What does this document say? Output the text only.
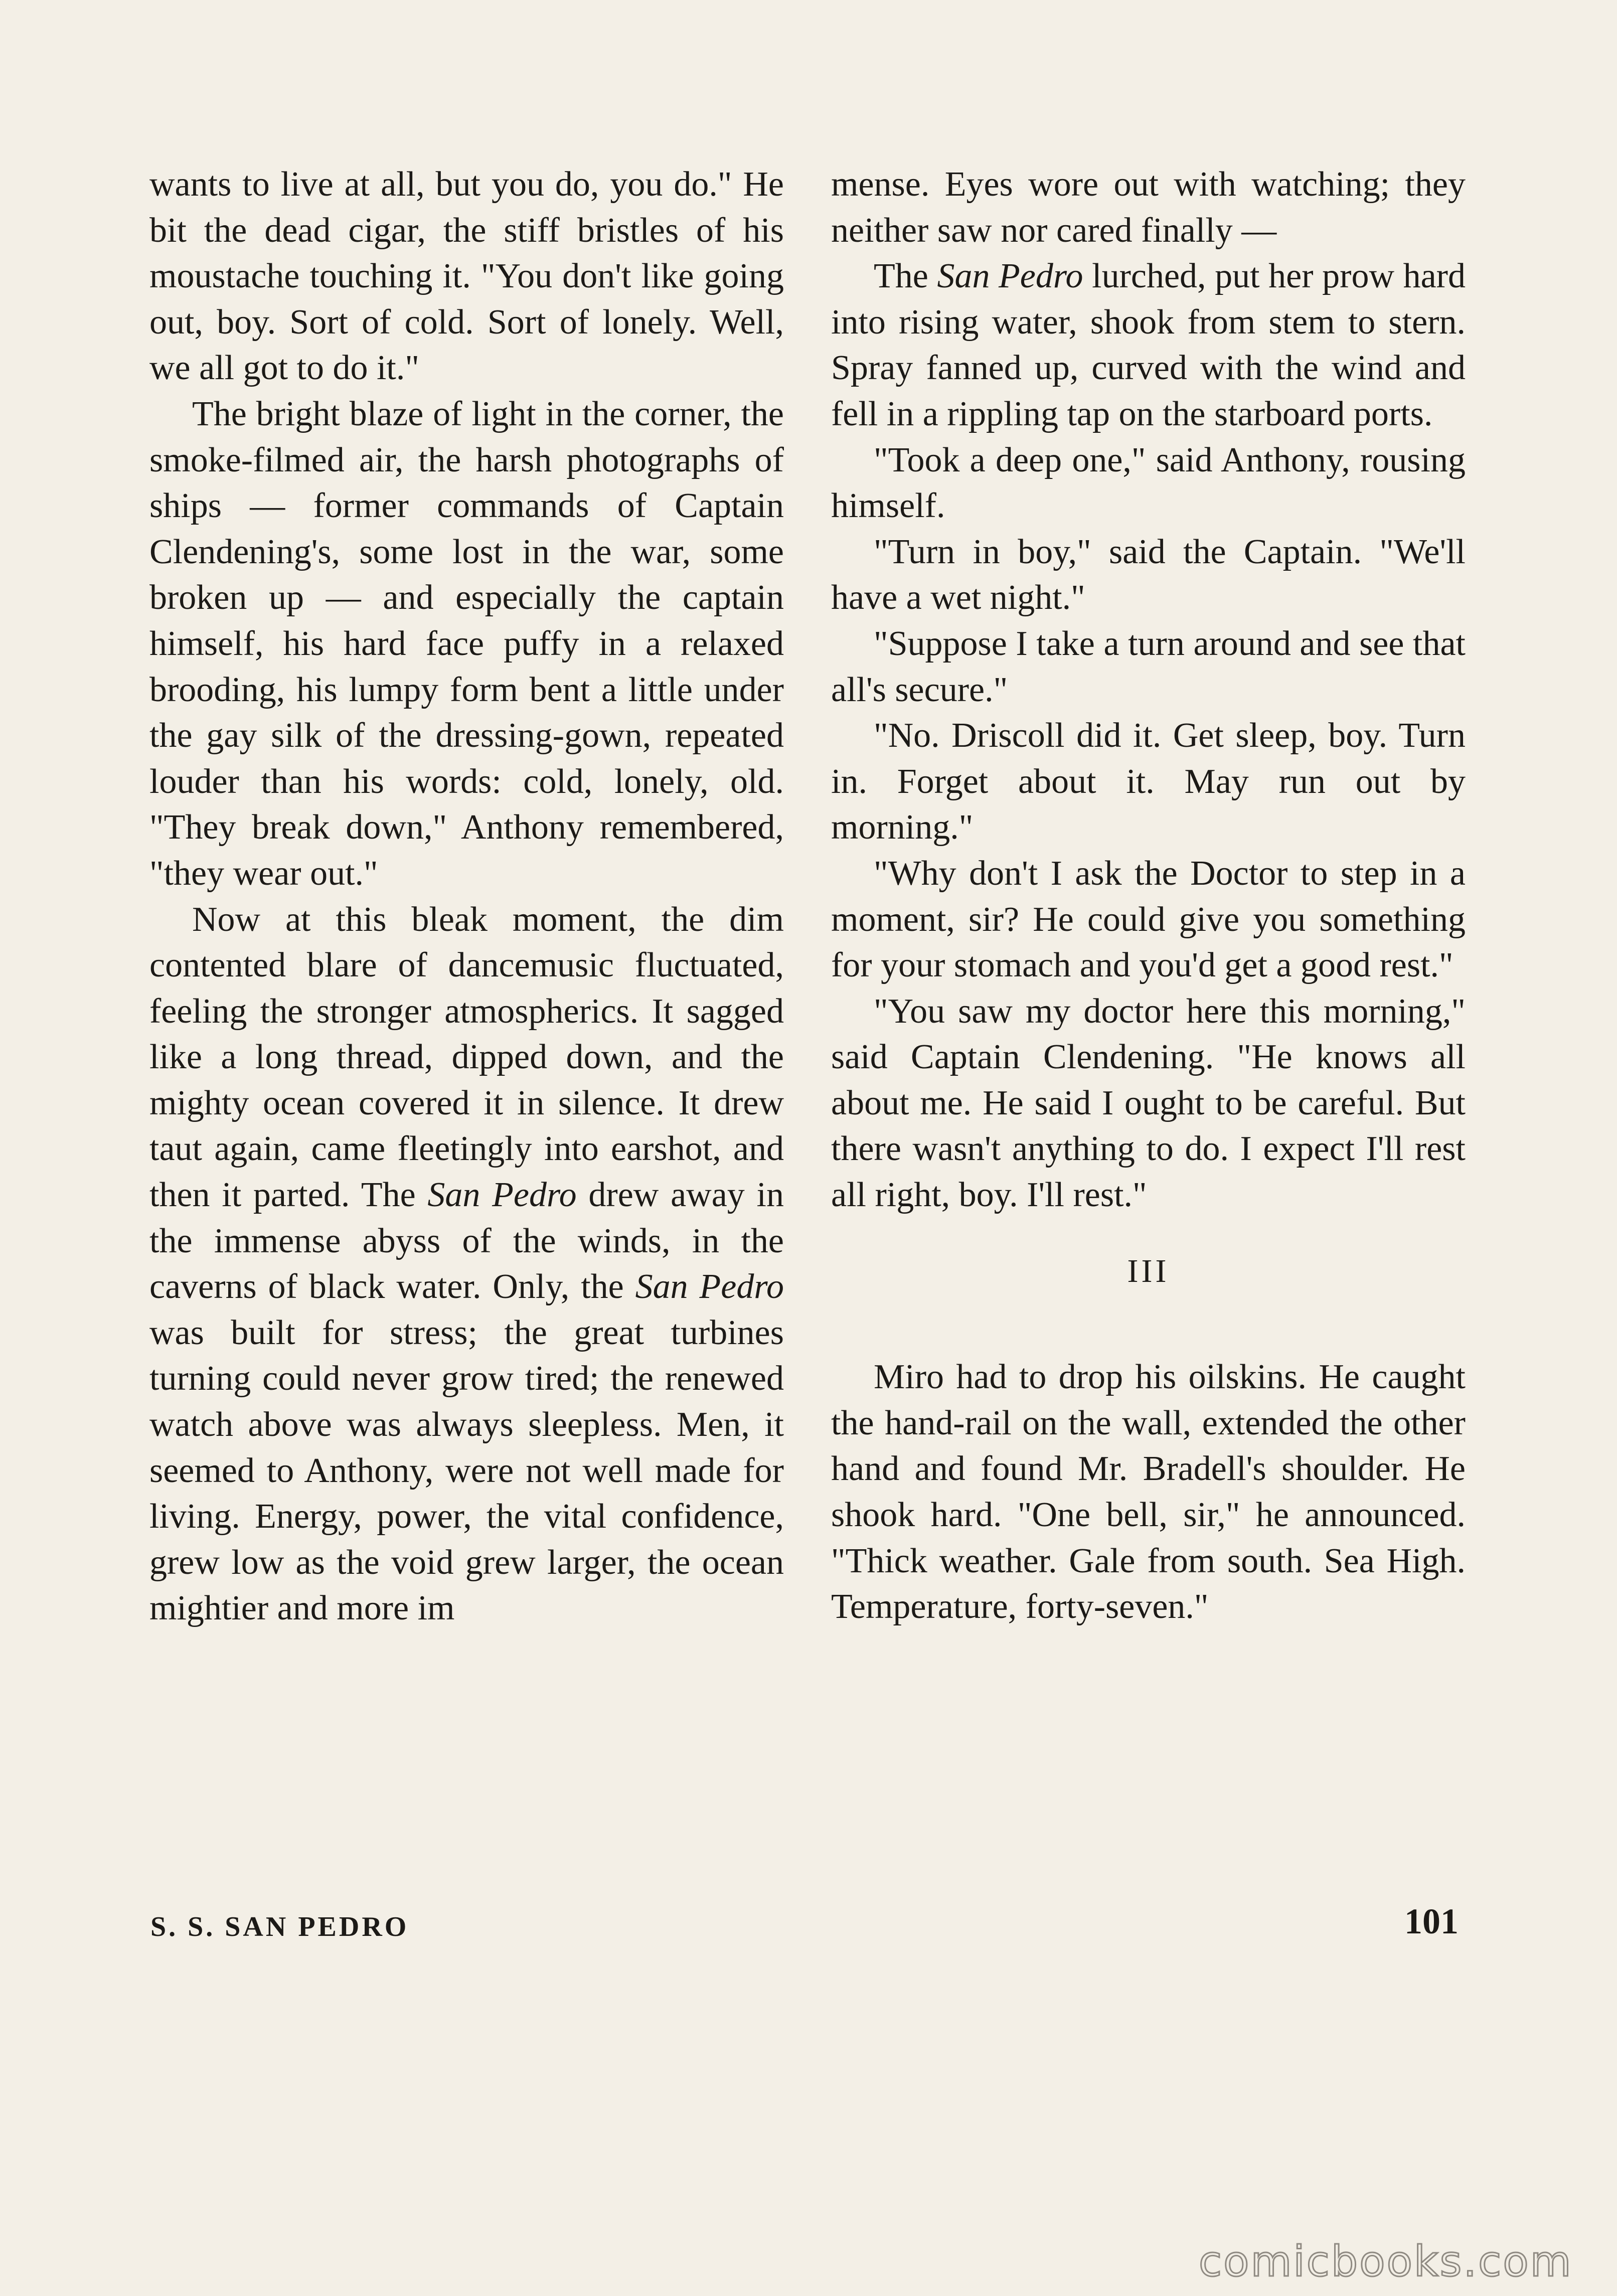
wants to live at all, but you do, you do." He bit the dead cigar, the stiff bristles of his moustache touching it. "You don't like going out, boy. Sort of cold. Sort of lonely. Well, we all got to do it."

The bright blaze of light in the corner, the smoke-filmed air, the harsh photographs of ships — former commands of Captain Clendening's, some lost in the war, some broken up — and especially the captain himself, his hard face puffy in a relaxed brooding, his lumpy form bent a little under the gay silk of the dressing-gown, repeated louder than his words: cold, lonely, old. "They break down," Anthony remembered, "they wear out."

Now at this bleak moment, the dim contented blare of dancemusic fluctuated, feeling the stronger atmospherics. It sagged like a long thread, dipped down, and the mighty ocean covered it in silence. It drew taut again, came fleetingly into earshot, and then it parted. The San Pedro drew away in the immense abyss of the winds, in the caverns of black water. Only, the San Pedro was built for stress; the great turbines turning could never grow tired; the renewed watch above was always sleepless. Men, it seemed to Anthony, were not well made for living. Energy, power, the vital confidence, grew low as the void grew larger, the ocean mightier and more im

mense. Eyes wore out with watching; they neither saw nor cared finally —

The San Pedro lurched, put her prow hard into rising water, shook from stem to stern. Spray fanned up, curved with the wind and fell in a rippling tap on the starboard ports.

"Took a deep one," said Anthony, rousing himself.

"Turn in boy," said the Captain. "We'll have a wet night."

"Suppose I take a turn around and see that all's secure."

"No. Driscoll did it. Get sleep, boy. Turn in. Forget about it. May run out by morning."

"Why don't I ask the Doctor to step in a moment, sir? He could give you something for your stomach and you'd get a good rest."

"You saw my doctor here this morning," said Captain Clendening. "He knows all about me. He said I ought to be careful. But there wasn't anything to do. I expect I'll rest all right, boy. I'll rest."

III

Miro had to drop his oilskins. He caught the hand-rail on the wall, extended the other hand and found Mr. Bradell's shoulder. He shook hard. "One bell, sir," he announced. "Thick weather. Gale from south. Sea High. Temperature, forty-seven."

S. S. SAN PEDRO	101
comicbooks.com
